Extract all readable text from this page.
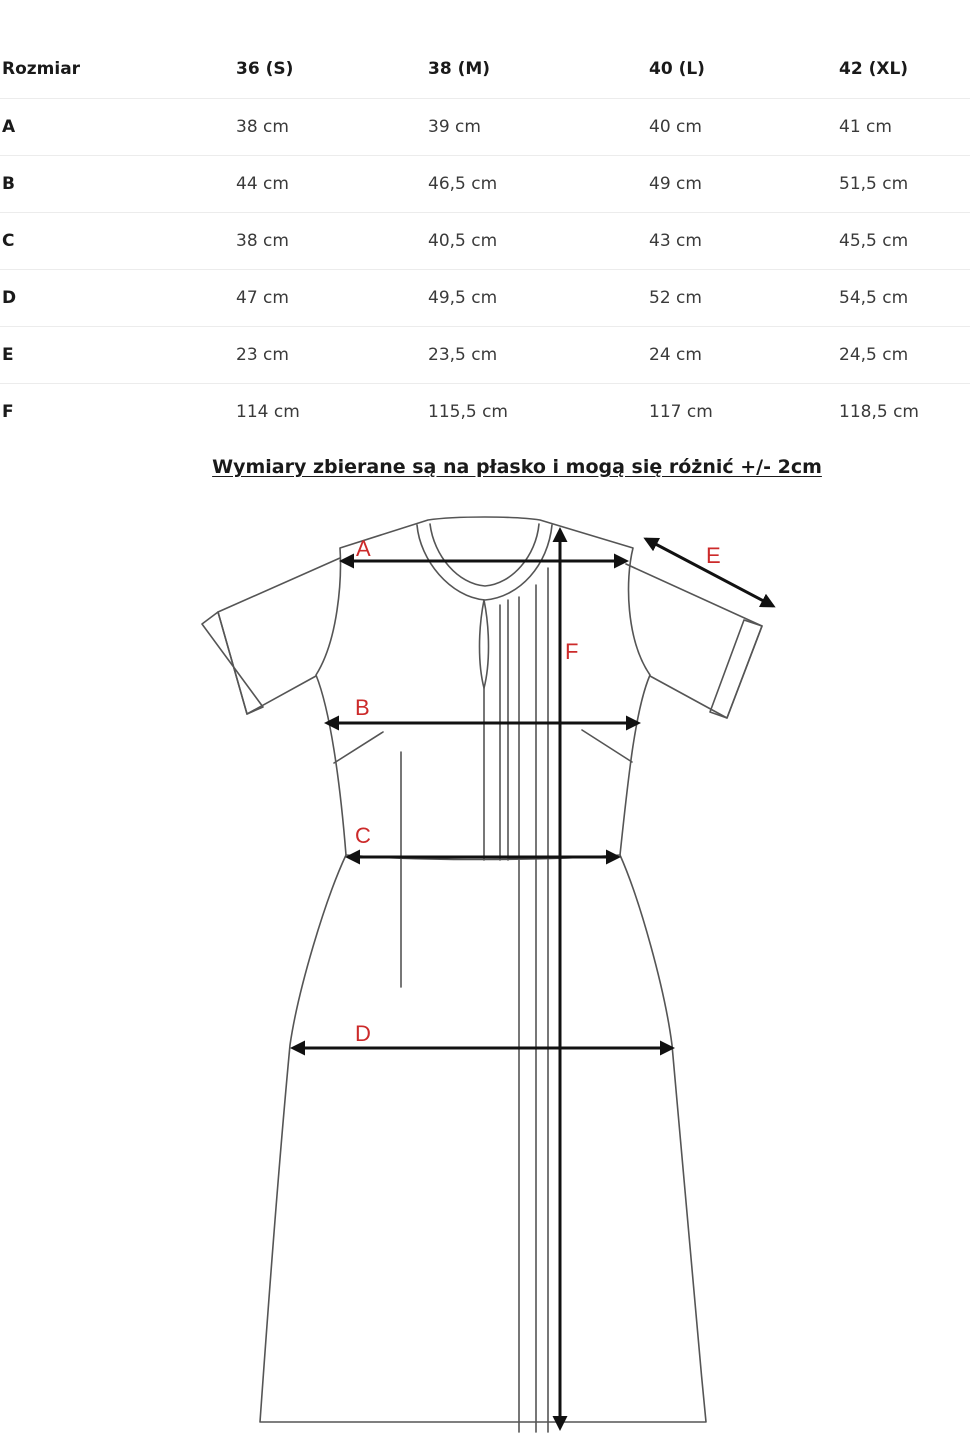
Rozmiar	36 (S)	38 (M)	40 (L)	42 (XL)
A	38 cm	39 cm	40 cm	41 cm
B	44 cm	46,5 cm	49 cm	51,5 cm
C	38 cm	40,5 cm	43 cm	45,5 cm
D	47 cm	49,5 cm	52 cm	54,5 cm
E	23 cm	23,5 cm	24 cm	24,5 cm
F	114 cm	115,5 cm	117 cm	118,5 cm
Wymiary zbierane są na płasko i mogą się różnić +/- 2cm
A
B
C
D
E
F
